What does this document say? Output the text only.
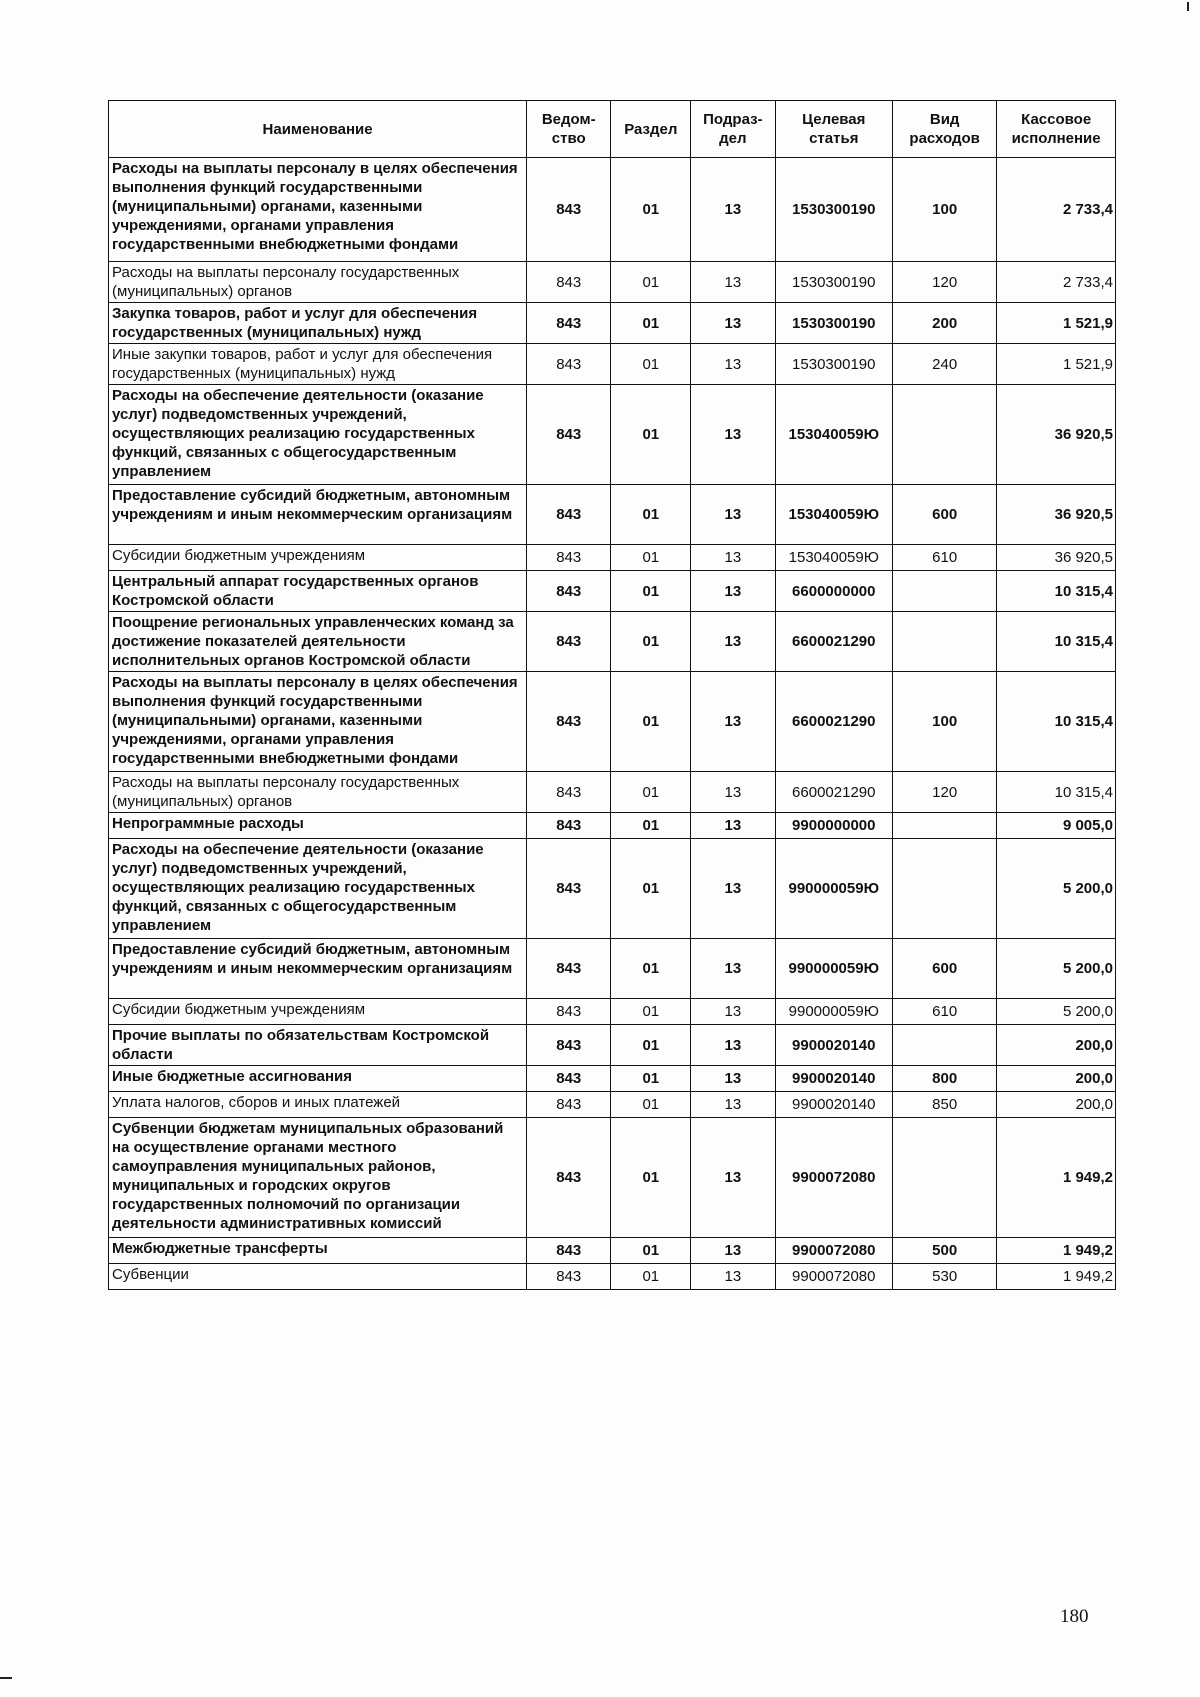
Наименование	Ведом-ство	Раздел	Подраз-дел	Целевая статья	Вид расходов	Кассовое исполнение
Расходы на выплаты персоналу в целях обеспечения выполнения функций государственными (муниципальными) органами, казенными учреждениями, органами управления государственными внебюджетными фондами	843	01	13	1530300190	100	2 733,4
Расходы на выплаты персоналу государственных (муниципальных) органов	843	01	13	1530300190	120	2 733,4
Закупка товаров, работ и услуг для обеспечения государственных (муниципальных) нужд	843	01	13	1530300190	200	1 521,9
Иные закупки товаров, работ и услуг для обеспечения государственных (муниципальных) нужд	843	01	13	1530300190	240	1 521,9
Расходы на обеспечение деятельности (оказание услуг) подведомственных учреждений, осуществляющих реализацию государственных функций, связанных с общегосударственным управлением	843	01	13	153040059Ю		36 920,5
Предоставление субсидий бюджетным, автономным учреждениям и иным некоммерческим организациям	843	01	13	153040059Ю	600	36 920,5
Субсидии бюджетным учреждениям	843	01	13	153040059Ю	610	36 920,5
Центральный аппарат государственных органов Костромской области	843	01	13	6600000000		10 315,4
Поощрение региональных управленческих команд за достижение показателей деятельности исполнительных органов Костромской области	843	01	13	6600021290		10 315,4
Расходы на выплаты персоналу в целях обеспечения выполнения функций государственными (муниципальными) органами, казенными учреждениями, органами управления государственными внебюджетными фондами	843	01	13	6600021290	100	10 315,4
Расходы на выплаты персоналу государственных (муниципальных) органов	843	01	13	6600021290	120	10 315,4
Непрограммные расходы	843	01	13	9900000000		9 005,0
Расходы на обеспечение деятельности (оказание услуг) подведомственных учреждений, осуществляющих реализацию государственных функций, связанных с общегосударственным управлением	843	01	13	990000059Ю		5 200,0
Предоставление субсидий бюджетным, автономным учреждениям и иным некоммерческим организациям	843	01	13	990000059Ю	600	5 200,0
Субсидии бюджетным учреждениям	843	01	13	990000059Ю	610	5 200,0
Прочие выплаты по обязательствам Костромской области	843	01	13	9900020140		200,0
Иные бюджетные ассигнования	843	01	13	9900020140	800	200,0
Уплата налогов, сборов и иных платежей	843	01	13	9900020140	850	200,0
Субвенции бюджетам муниципальных образований на осуществление органами местного самоуправления муниципальных районов, муниципальных и городских округов государственных полномочий по организации деятельности административных комиссий	843	01	13	9900072080		1 949,2
Межбюджетные трансферты	843	01	13	9900072080	500	1 949,2
Субвенции	843	01	13	9900072080	530	1 949,2
180
